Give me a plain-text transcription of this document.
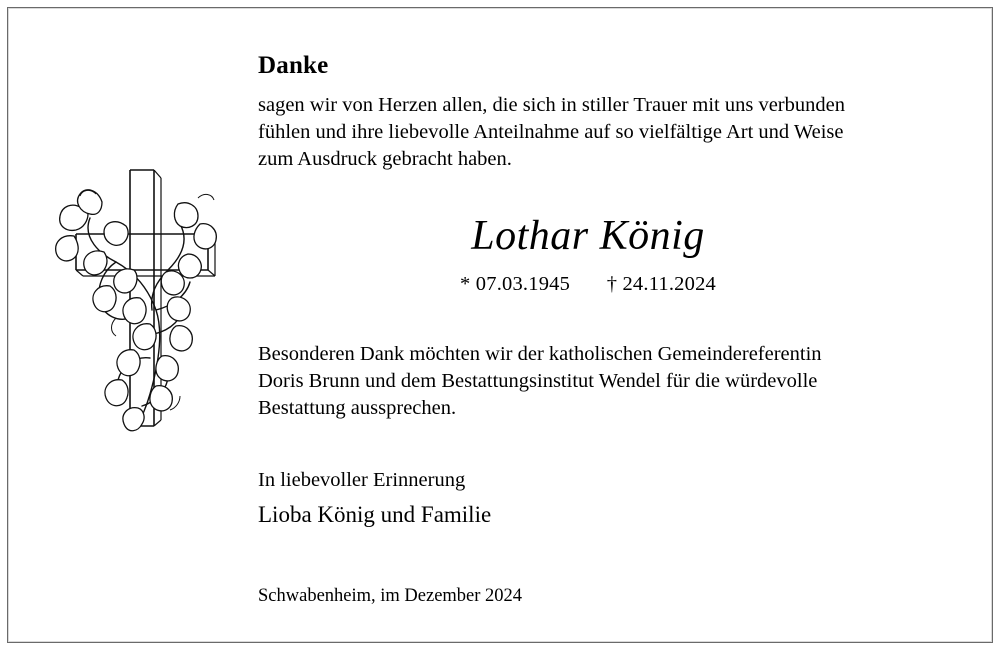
Danke
sagen wir von Herzen allen, die sich in stiller Trauer mit uns verbunden
fühlen und ihre liebevolle Anteilnahme auf so vielfältige Art und Weise
zum Ausdruck gebracht haben.
Lothar König
* 07.03.1945 † 24.11.2024
Besonderen Dank möchten wir der katholischen Gemeindereferentin
Doris Brunn und dem Bestattungsinstitut Wendel für die würdevolle
Bestattung aussprechen.
In liebevoller Erinnerung
Lioba König und Familie
Schwabenheim, im Dezember 2024
